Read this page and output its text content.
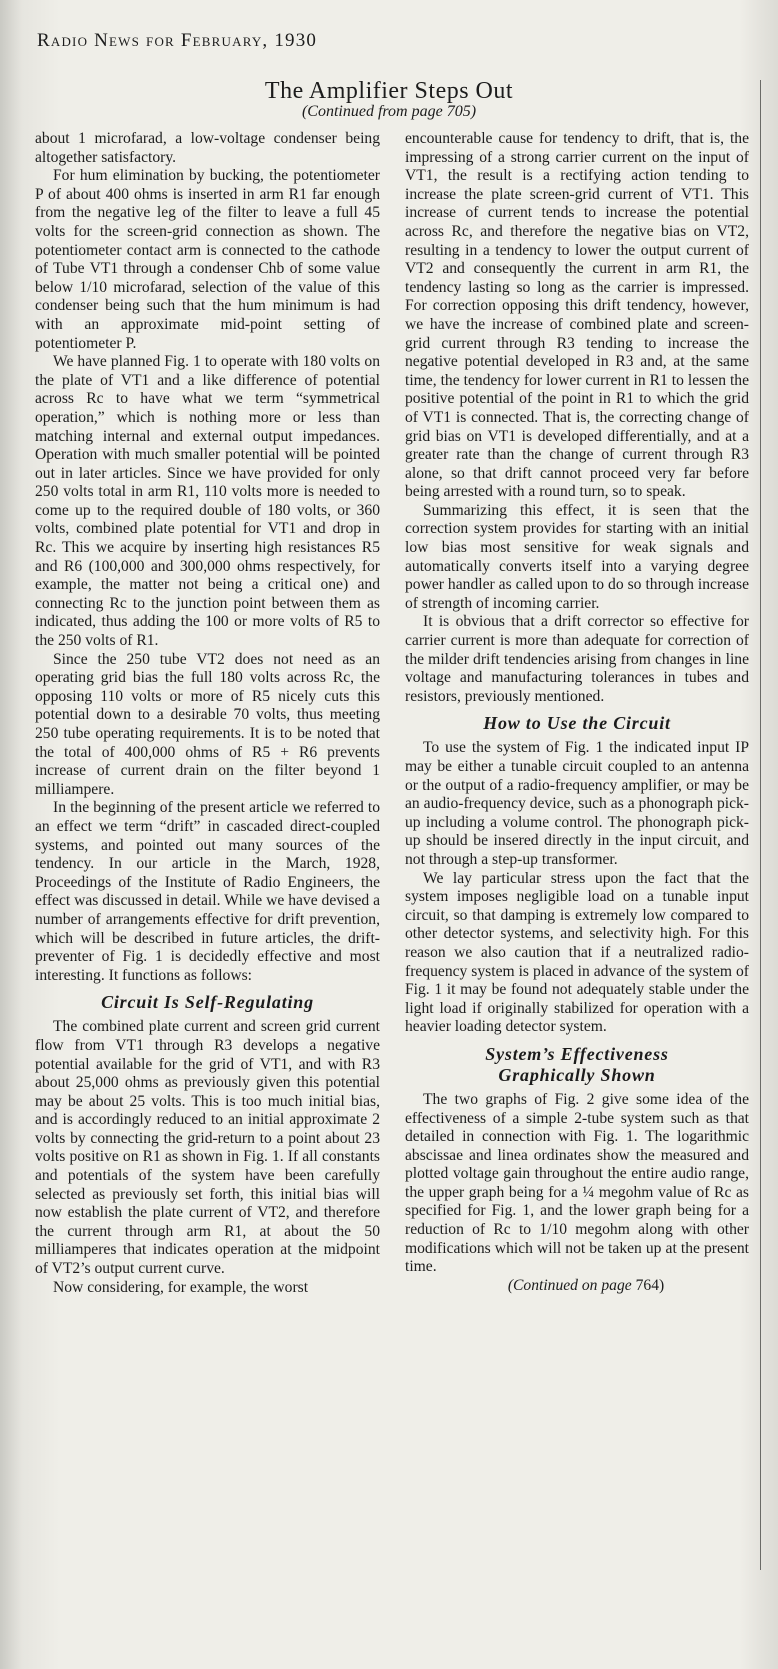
Radio News for February, 1930
The Amplifier Steps Out
(Continued from page 705)

about 1 microfarad, a low-voltage condenser being altogether satisfactory.

For hum elimination by bucking, the potentiometer P of about 400 ohms is inserted in arm R1 far enough from the negative leg of the filter to leave a full 45 volts for the screen-grid connection as shown. The potentiometer contact arm is connected to the cathode of Tube VT1 through a condenser Chb of some value below 1/10 microfarad, selection of the value of this condenser being such that the hum minimum is had with an approximate mid-point setting of potentiometer P.

We have planned Fig. 1 to operate with 180 volts on the plate of VT1 and a like difference of potential across Rc to have what we term “symmetrical operation,” which is nothing more or less than matching internal and external output impedances. Operation with much smaller potential will be pointed out in later articles. Since we have provided for only 250 volts total in arm R1, 110 volts more is needed to come up to the required double of 180 volts, or 360 volts, combined plate potential for VT1 and drop in Rc. This we acquire by inserting high resistances R5 and R6 (100,000 and 300,000 ohms respectively, for example, the matter not being a critical one) and connecting Rc to the junction point between them as indicated, thus adding the 100 or more volts of R5 to the 250 volts of R1.

Since the 250 tube VT2 does not need as an operating grid bias the full 180 volts across Rc, the opposing 110 volts or more of R5 nicely cuts this potential down to a desirable 70 volts, thus meeting 250 tube operating requirements. It is to be noted that the total of 400,000 ohms of R5 + R6 prevents increase of current drain on the filter beyond 1 milliampere.

In the beginning of the present article we referred to an effect we term “drift” in cascaded direct-coupled systems, and pointed out many sources of the tendency. In our article in the March, 1928, Proceedings of the Institute of Radio Engineers, the effect was discussed in detail. While we have devised a number of arrangements effective for drift prevention, which will be described in future articles, the drift-preventer of Fig. 1 is decidedly effective and most interesting. It functions as follows:

Circuit Is Self-Regulating

The combined plate current and screen grid current flow from VT1 through R3 develops a negative potential available for the grid of VT1, and with R3 about 25,000 ohms as previously given this potential may be about 25 volts. This is too much initial bias, and is accordingly reduced to an initial approximate 2 volts by connecting the grid-return to a point about 23 volts positive on R1 as shown in Fig. 1. If all constants and potentials of the system have been carefully selected as previously set forth, this initial bias will now establish the plate current of VT2, and therefore the current through arm R1, at about the 50 milliamperes that indicates operation at the midpoint of VT2’s output current curve.

Now considering, for example, the worst

encounterable cause for tendency to drift, that is, the impressing of a strong carrier current on the input of VT1, the result is a rectifying action tending to increase the plate screen-grid current of VT1. This increase of current tends to increase the potential across Rc, and therefore the negative bias on VT2, resulting in a tendency to lower the output current of VT2 and consequently the current in arm R1, the tendency lasting so long as the carrier is impressed. For correction opposing this drift tendency, however, we have the increase of combined plate and screen-grid current through R3 tending to increase the negative potential developed in R3 and, at the same time, the tendency for lower current in R1 to lessen the positive potential of the point in R1 to which the grid of VT1 is connected. That is, the correcting change of grid bias on VT1 is developed differentially, and at a greater rate than the change of current through R3 alone, so that drift cannot proceed very far before being arrested with a round turn, so to speak.

Summarizing this effect, it is seen that the correction system provides for starting with an initial low bias most sensitive for weak signals and automatically converts itself into a varying degree power handler as called upon to do so through increase of strength of incoming carrier.

It is obvious that a drift corrector so effective for carrier current is more than adequate for correction of the milder drift tendencies arising from changes in line voltage and manufacturing tolerances in tubes and resistors, previously mentioned.

How to Use the Circuit

To use the system of Fig. 1 the indicated input IP may be either a tunable circuit coupled to an antenna or the output of a radio-frequency amplifier, or may be an audio-frequency device, such as a phonograph pick-up including a volume control. The phonograph pick-up should be insered directly in the input circuit, and not through a step-up transformer.

We lay particular stress upon the fact that the system imposes negligible load on a tunable input circuit, so that damping is extremely low compared to other detector systems, and selectivity high. For this reason we also caution that if a neutralized radio-frequency system is placed in advance of the system of Fig. 1 it may be found not adequately stable under the light load if originally stabilized for operation with a heavier loading detector system.

System’s Effectiveness
Graphically Shown

The two graphs of Fig. 2 give some idea of the effectiveness of a simple 2-tube system such as that detailed in connection with Fig. 1. The logarithmic abscissae and linea ordinates show the measured and plotted voltage gain throughout the entire audio range, the upper graph being for a ¼ megohm value of Rc as specified for Fig. 1, and the lower graph being for a reduction of Rc to 1/10 megohm along with other modifications which will not be taken up at the present time.

(Continued on page 764)
